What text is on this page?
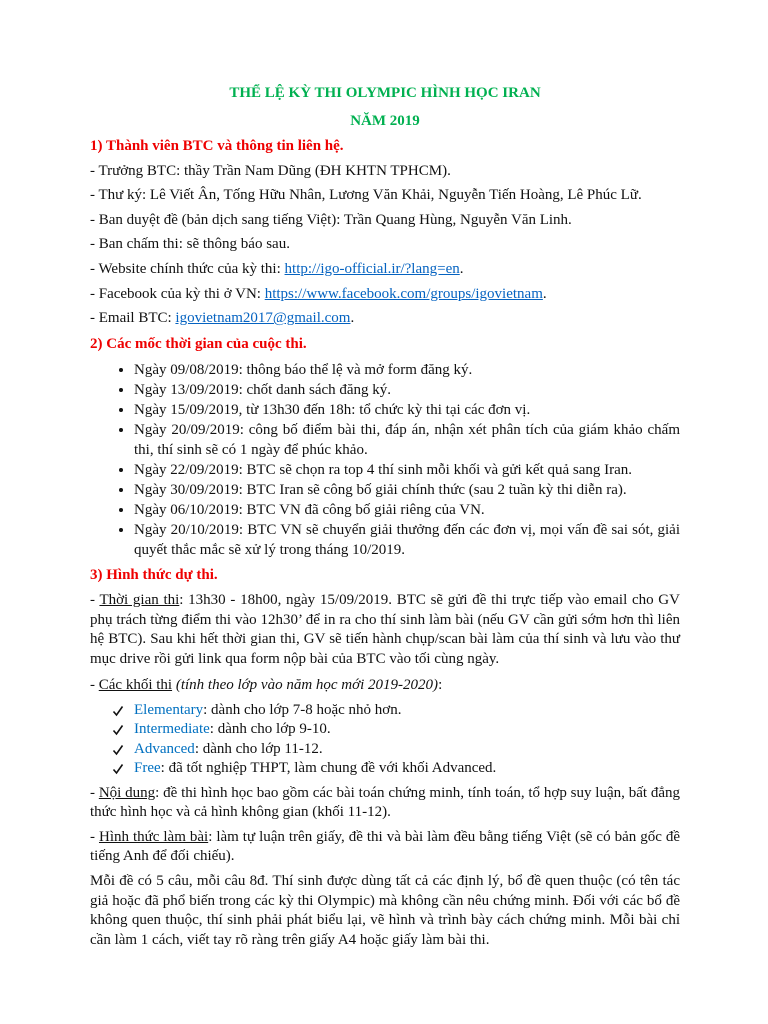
THỂ LỆ KỲ THI OLYMPIC HÌNH HỌC IRAN
NĂM 2019
1) Thành viên BTC và thông tin liên hệ.

- Trưởng BTC: thầy Trần Nam Dũng (ĐH KHTN TPHCM).

- Thư ký: Lê Viết Ân, Tống Hữu Nhân, Lương Văn Khải, Nguyễn Tiến Hoàng, Lê Phúc Lữ.

- Ban duyệt đề (bản dịch sang tiếng Việt): Trần Quang Hùng, Nguyễn Văn Linh.

- Ban chấm thi: sẽ thông báo sau.

- Website chính thức của kỳ thi: http://igo-official.ir/?lang=en.

- Facebook của kỳ thi ở VN: https://www.facebook.com/groups/igovietnam.

- Email BTC: igovietnam2017@gmail.com.

2) Các mốc thời gian của cuộc thi.
• Ngày 09/08/2019: thông báo thể lệ và mở form đăng ký.
• Ngày 13/09/2019: chốt danh sách đăng ký.
• Ngày 15/09/2019, từ 13h30 đến 18h: tổ chức kỳ thi tại các đơn vị.
• Ngày 20/09/2019: công bố điểm bài thi, đáp án, nhận xét phân tích của giám khảo chấm thi, thí sinh sẽ có 1 ngày để phúc khảo.
• Ngày 22/09/2019: BTC sẽ chọn ra top 4 thí sinh mỗi khối và gửi kết quả sang Iran.
• Ngày 30/09/2019: BTC Iran sẽ công bố giải chính thức (sau 2 tuần kỳ thi diễn ra).
• Ngày 06/10/2019: BTC VN đã công bố giải riêng của VN.
• Ngày 20/10/2019: BTC VN sẽ chuyển giải thưởng đến các đơn vị, mọi vấn đề sai sót, giải quyết thắc mắc sẽ xử lý trong tháng 10/2019.
3) Hình thức dự thi.

- Thời gian thi: 13h30 - 18h00, ngày 15/09/2019. BTC sẽ gửi đề thi trực tiếp vào email cho GV phụ trách từng điểm thi vào 12h30’ để in ra cho thí sinh làm bài (nếu GV cần gửi sớm hơn thì liên hệ BTC). Sau khi hết thời gian thi, GV sẽ tiến hành chụp/scan bài làm của thí sinh và lưu vào thư mục drive rồi gửi link qua form nộp bài của BTC vào tối cùng ngày.

- Các khối thi (tính theo lớp vào năm học mới 2019-2020):

Elementary: dành cho lớp 7-8 hoặc nhỏ hơn.
Intermediate: dành cho lớp 9-10.
Advanced: dành cho lớp 11-12.
Free: đã tốt nghiệp THPT, làm chung đề với khối Advanced.

- Nội dung: đề thi hình học bao gồm các bài toán chứng minh, tính toán, tổ hợp suy luận, bất đẳng thức hình học và cả hình không gian (khối 11-12).

- Hình thức làm bài: làm tự luận trên giấy, đề thi và bài làm đều bằng tiếng Việt (sẽ có bản gốc đề tiếng Anh để đối chiếu).

Mỗi đề có 5 câu, mỗi câu 8đ. Thí sinh được dùng tất cả các định lý, bổ đề quen thuộc (có tên tác giả hoặc đã phổ biến trong các kỳ thi Olympic) mà không cần nêu chứng minh. Đối với các bổ đề không quen thuộc, thí sinh phải phát biểu lại, vẽ hình và trình bày cách chứng minh. Mỗi bài chỉ cần làm 1 cách, viết tay rõ ràng trên giấy A4 hoặc giấy làm bài thi.
